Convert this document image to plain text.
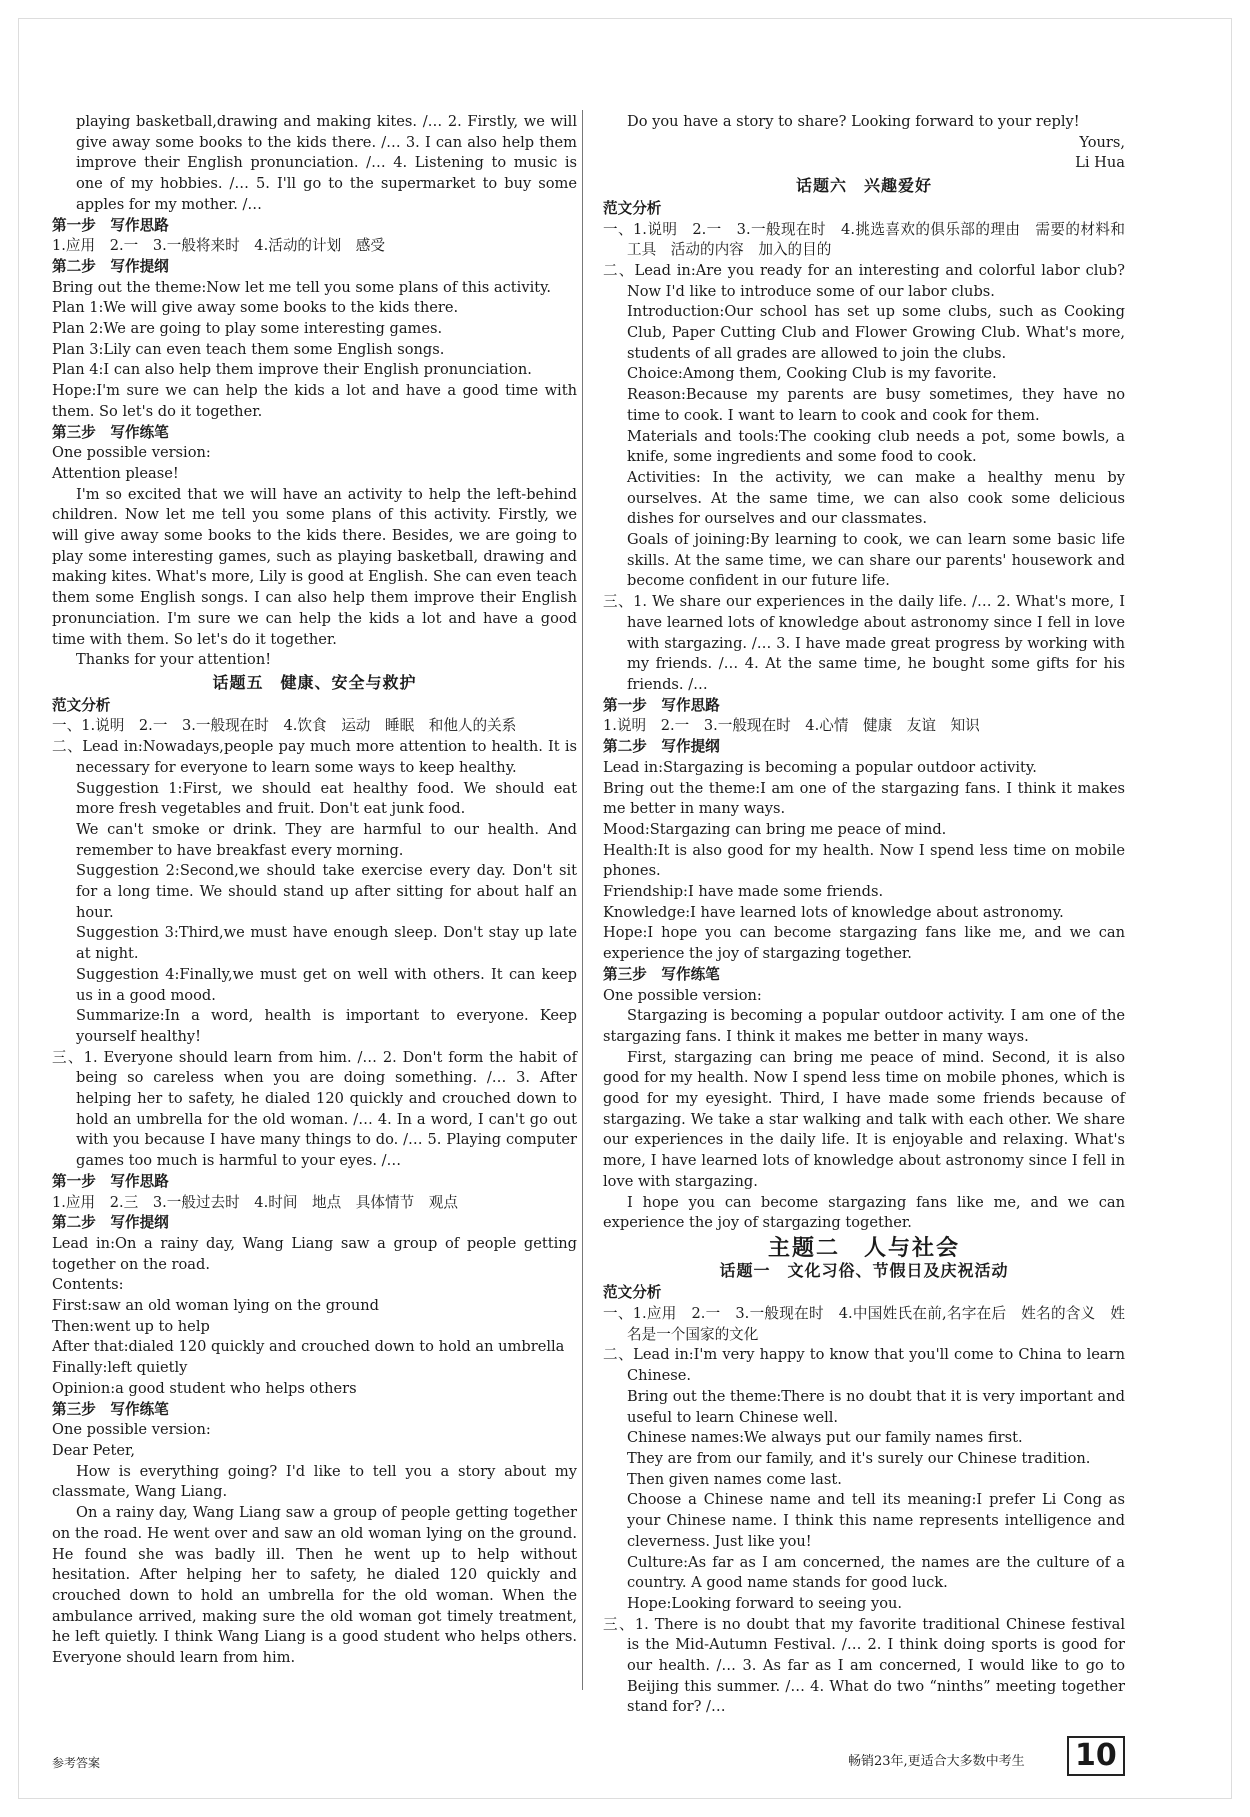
playing basketball,drawing and making kites. /… 2. Firstly, we will give away some books to the kids there. /… 3. I can also help them improve their English pronunciation. /… 4. Listening to music is one of my hobbies. /… 5. I'll go to the supermarket to buy some apples for my mother. /…
第一步　写作思路
1.应用　2.一　3.一般将来时　4.活动的计划　感受
第二步　写作提纲
Bring out the theme:Now let me tell you some plans of this activity.
Plan 1:We will give away some books to the kids there.
Plan 2:We are going to play some interesting games.
Plan 3:Lily can even teach them some English songs.
Plan 4:I can also help them improve their English pronunciation.
Hope:I'm sure we can help the kids a lot and have a good time with them. So let's do it together.
第三步　写作练笔
One possible version:
Attention please!
I'm so excited that we will have an activity to help the left-behind children. Now let me tell you some plans of this activity. Firstly, we will give away some books to the kids there. Besides, we are going to play some interesting games, such as playing basketball, drawing and making kites. What's more, Lily is good at English. She can even teach them some English songs. I can also help them improve their English pronunciation. I'm sure we can help the kids a lot and have a good time with them. So let's do it together.
Thanks for your attention!
话题五　健康、安全与救护
范文分析
一、1.说明　2.一　3.一般现在时　4.饮食　运动　睡眠　和他人的关系
二、Lead in:Nowadays,people pay much more attention to health. It is necessary for everyone to learn some ways to keep healthy.
Suggestion 1:First, we should eat healthy food. We should eat more fresh vegetables and fruit. Don't eat junk food.
We can't smoke or drink. They are harmful to our health. And remember to have breakfast every morning.
Suggestion 2:Second,we should take exercise every day. Don't sit for a long time. We should stand up after sitting for about half an hour.
Suggestion 3:Third,we must have enough sleep. Don't stay up late at night.
Suggestion 4:Finally,we must get on well with others. It can keep us in a good mood.
Summarize:In a word, health is important to everyone. Keep yourself healthy!
三、1. Everyone should learn from him. /… 2. Don't form the habit of being so careless when you are doing something. /… 3. After helping her to safety, he dialed 120 quickly and crouched down to hold an umbrella for the old woman. /… 4. In a word, I can't go out with you because I have many things to do. /… 5. Playing computer games too much is harmful to your eyes. /…
第一步　写作思路
1.应用　2.三　3.一般过去时　4.时间　地点　具体情节　观点
第二步　写作提纲
Lead in:On a rainy day, Wang Liang saw a group of people getting together on the road.
Contents:
First:saw an old woman lying on the ground
Then:went up to help
After that:dialed 120 quickly and crouched down to hold an umbrella
Finally:left quietly
Opinion:a good student who helps others
第三步　写作练笔
One possible version:
Dear Peter,
How is everything going? I'd like to tell you a story about my classmate, Wang Liang.
On a rainy day, Wang Liang saw a group of people getting together on the road. He went over and saw an old woman lying on the ground. He found she was badly ill. Then he went up to help without hesitation. After helping her to safety, he dialed 120 quickly and crouched down to hold an umbrella for the old woman. When the ambulance arrived, making sure the old woman got timely treatment, he left quietly. I think Wang Liang is a good student who helps others. Everyone should learn from him.
Do you have a story to share? Looking forward to your reply!
Yours,
Li Hua
话题六　兴趣爱好
范文分析
一、1.说明　2.一　3.一般现在时　4.挑选喜欢的俱乐部的理由　需要的材料和工具　活动的内容　加入的目的
二、Lead in:Are you ready for an interesting and colorful labor club? Now I'd like to introduce some of our labor clubs.
Introduction:Our school has set up some clubs, such as Cooking Club, Paper Cutting Club and Flower Growing Club. What's more, students of all grades are allowed to join the clubs.
Choice:Among them, Cooking Club is my favorite.
Reason:Because my parents are busy sometimes, they have no time to cook. I want to learn to cook and cook for them.
Materials and tools:The cooking club needs a pot, some bowls, a knife, some ingredients and some food to cook.
Activities: In the activity, we can make a healthy menu by ourselves. At the same time, we can also cook some delicious dishes for ourselves and our classmates.
Goals of joining:By learning to cook, we can learn some basic life skills. At the same time, we can share our parents' housework and become confident in our future life.
三、1. We share our experiences in the daily life. /… 2. What's more, I have learned lots of knowledge about astronomy since I fell in love with stargazing. /… 3. I have made great progress by working with my friends. /… 4. At the same time, he bought some gifts for his friends. /…
第一步　写作思路
1.说明　2.一　3.一般现在时　4.心情　健康　友谊　知识
第二步　写作提纲
Lead in:Stargazing is becoming a popular outdoor activity.
Bring out the theme:I am one of the stargazing fans. I think it makes me better in many ways.
Mood:Stargazing can bring me peace of mind.
Health:It is also good for my health. Now I spend less time on mobile phones.
Friendship:I have made some friends.
Knowledge:I have learned lots of knowledge about astronomy.
Hope:I hope you can become stargazing fans like me, and we can experience the joy of stargazing together.
第三步　写作练笔
One possible version:
Stargazing is becoming a popular outdoor activity. I am one of the stargazing fans. I think it makes me better in many ways.
First, stargazing can bring me peace of mind. Second, it is also good for my health. Now I spend less time on mobile phones, which is good for my eyesight. Third, I have made some friends because of stargazing. We take a star walking and talk with each other. We share our experiences in the daily life. It is enjoyable and relaxing. What's more, I have learned lots of knowledge about astronomy since I fell in love with stargazing.
I hope you can become stargazing fans like me, and we can experience the joy of stargazing together.
主题二　人与社会
话题一　文化习俗、节假日及庆祝活动
范文分析
一、1.应用　2.一　3.一般现在时　4.中国姓氏在前,名字在后　姓名的含义　姓名是一个国家的文化
二、Lead in:I'm very happy to know that you'll come to China to learn Chinese.
Bring out the theme:There is no doubt that it is very important and useful to learn Chinese well.
Chinese names:We always put our family names first.
They are from our family, and it's surely our Chinese tradition.
Then given names come last.
Choose a Chinese name and tell its meaning:I prefer Li Cong as your Chinese name. I think this name represents intelligence and cleverness. Just like you!
Culture:As far as I am concerned, the names are the culture of a country. A good name stands for good luck.
Hope:Looking forward to seeing you.
三、1. There is no doubt that my favorite traditional Chinese festival is the Mid-Autumn Festival. /… 2. I think doing sports is good for our health. /… 3. As far as I am concerned, I would like to go to Beijing this summer. /… 4. What do two “ninths” meeting together stand for? /…
参考答案	畅销23年,更适合大多数中考生 10
